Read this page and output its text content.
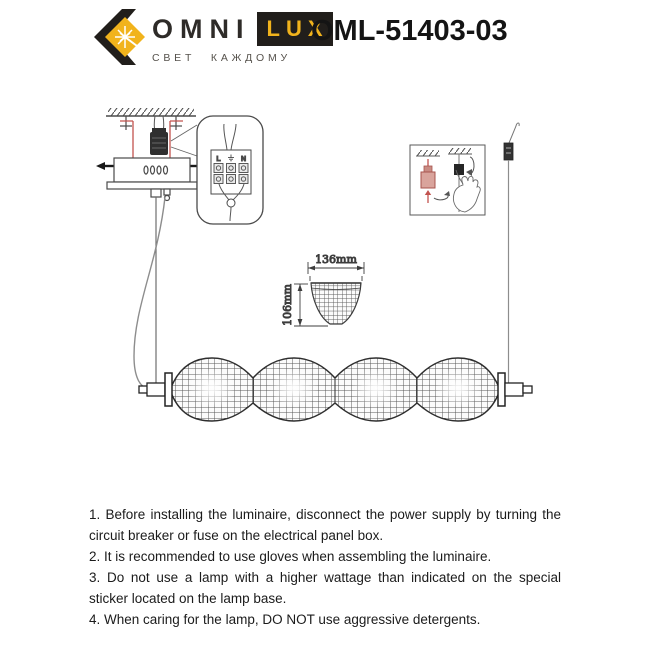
OMNI LUX
СВЕТ КАЖДОМУ
OML-51403-03
L	N
136mm
106mm

1. Before installing the luminaire, disconnect the power supply by turning the circuit breaker or fuse on the electrical panel box.

2. It is recommended to use gloves when assembling the luminaire.

3. Do not use a lamp with a higher wattage than indicated on the special sticker located on the lamp base.

4. When caring for the lamp, DO NOT use aggressive detergents.
